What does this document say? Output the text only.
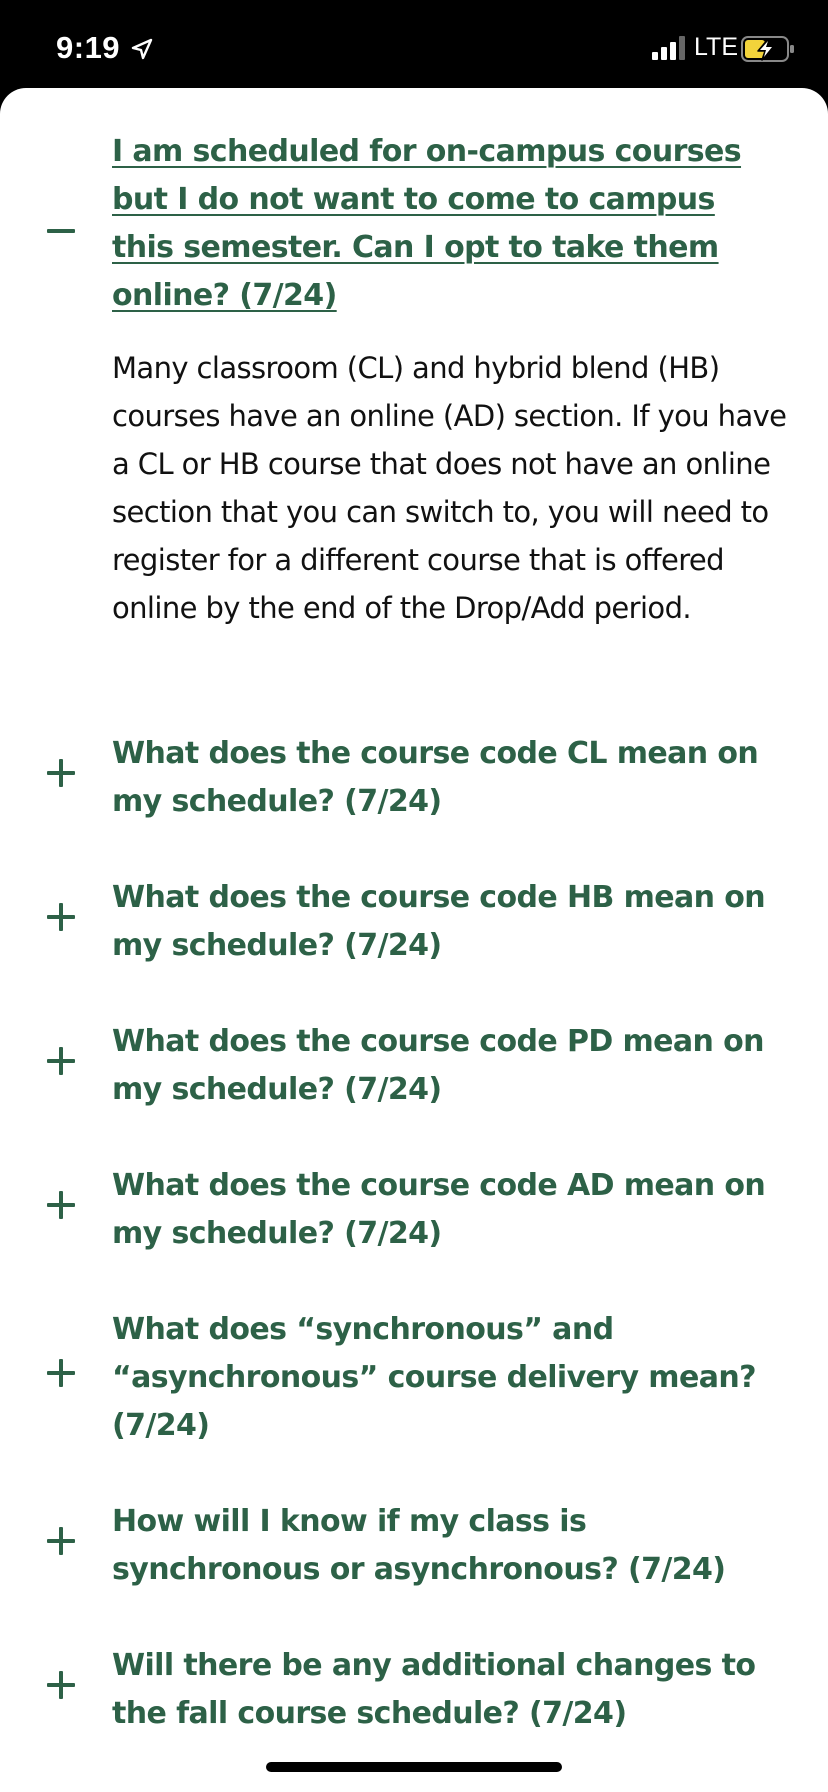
9:19	LTE

I am scheduled for on-campus courses but I do not want to come to campus this semester. Can I opt to take them online? (7/24)

Many classroom (CL) and hybrid blend (HB) courses have an online (AD) section. If you have a CL or HB course that does not have an online section that you can switch to, you will need to register for a different course that is offered online by the end of the Drop/Add period.

What does the course code CL mean on my schedule? (7/24)

What does the course code HB mean on my schedule? (7/24)

What does the course code PD mean on my schedule? (7/24)

What does the course code AD mean on my schedule? (7/24)

What does “synchronous” and “asynchronous” course delivery mean? (7/24)

How will I know if my class is synchronous or asynchronous? (7/24)

Will there be any additional changes to the fall course schedule? (7/24)
